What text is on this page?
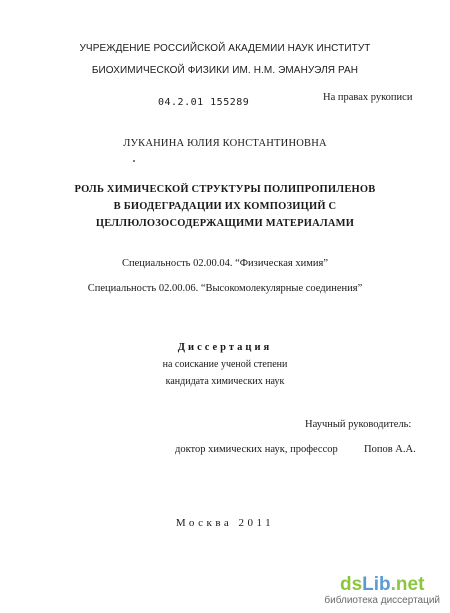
УЧРЕЖДЕНИЕ РОССИЙСКОЙ АКАДЕМИИ НАУК ИНСТИТУТ
БИОХИМИЧЕСКОЙ ФИЗИКИ ИМ. Н.М. ЭМАНУЭЛЯ РАН
04.2.01 155289	На правах рукописи
ЛУКАНИНА ЮЛИЯ КОНСТАНТИНОВНА
РОЛЬ ХИМИЧЕСКОЙ СТРУКТУРЫ ПОЛИПРОПИЛЕНОВ
В БИОДЕГРАДАЦИИ ИХ КОМПОЗИЦИЙ С
ЦЕЛЛЮЛОЗОСОДЕРЖАЩИМИ МАТЕРИАЛАМИ
Специальность 02.00.04. “Физическая химия”
Специальность 02.00.06. “Высокомолекулярные соединения”
Диссертация
на соискание ученой степени
кандидата химических наук
Научный руководитель:
доктор химических наук, профессор	Попов А.А.
Москва 2011
dsLib.net
библиотека диссертаций
